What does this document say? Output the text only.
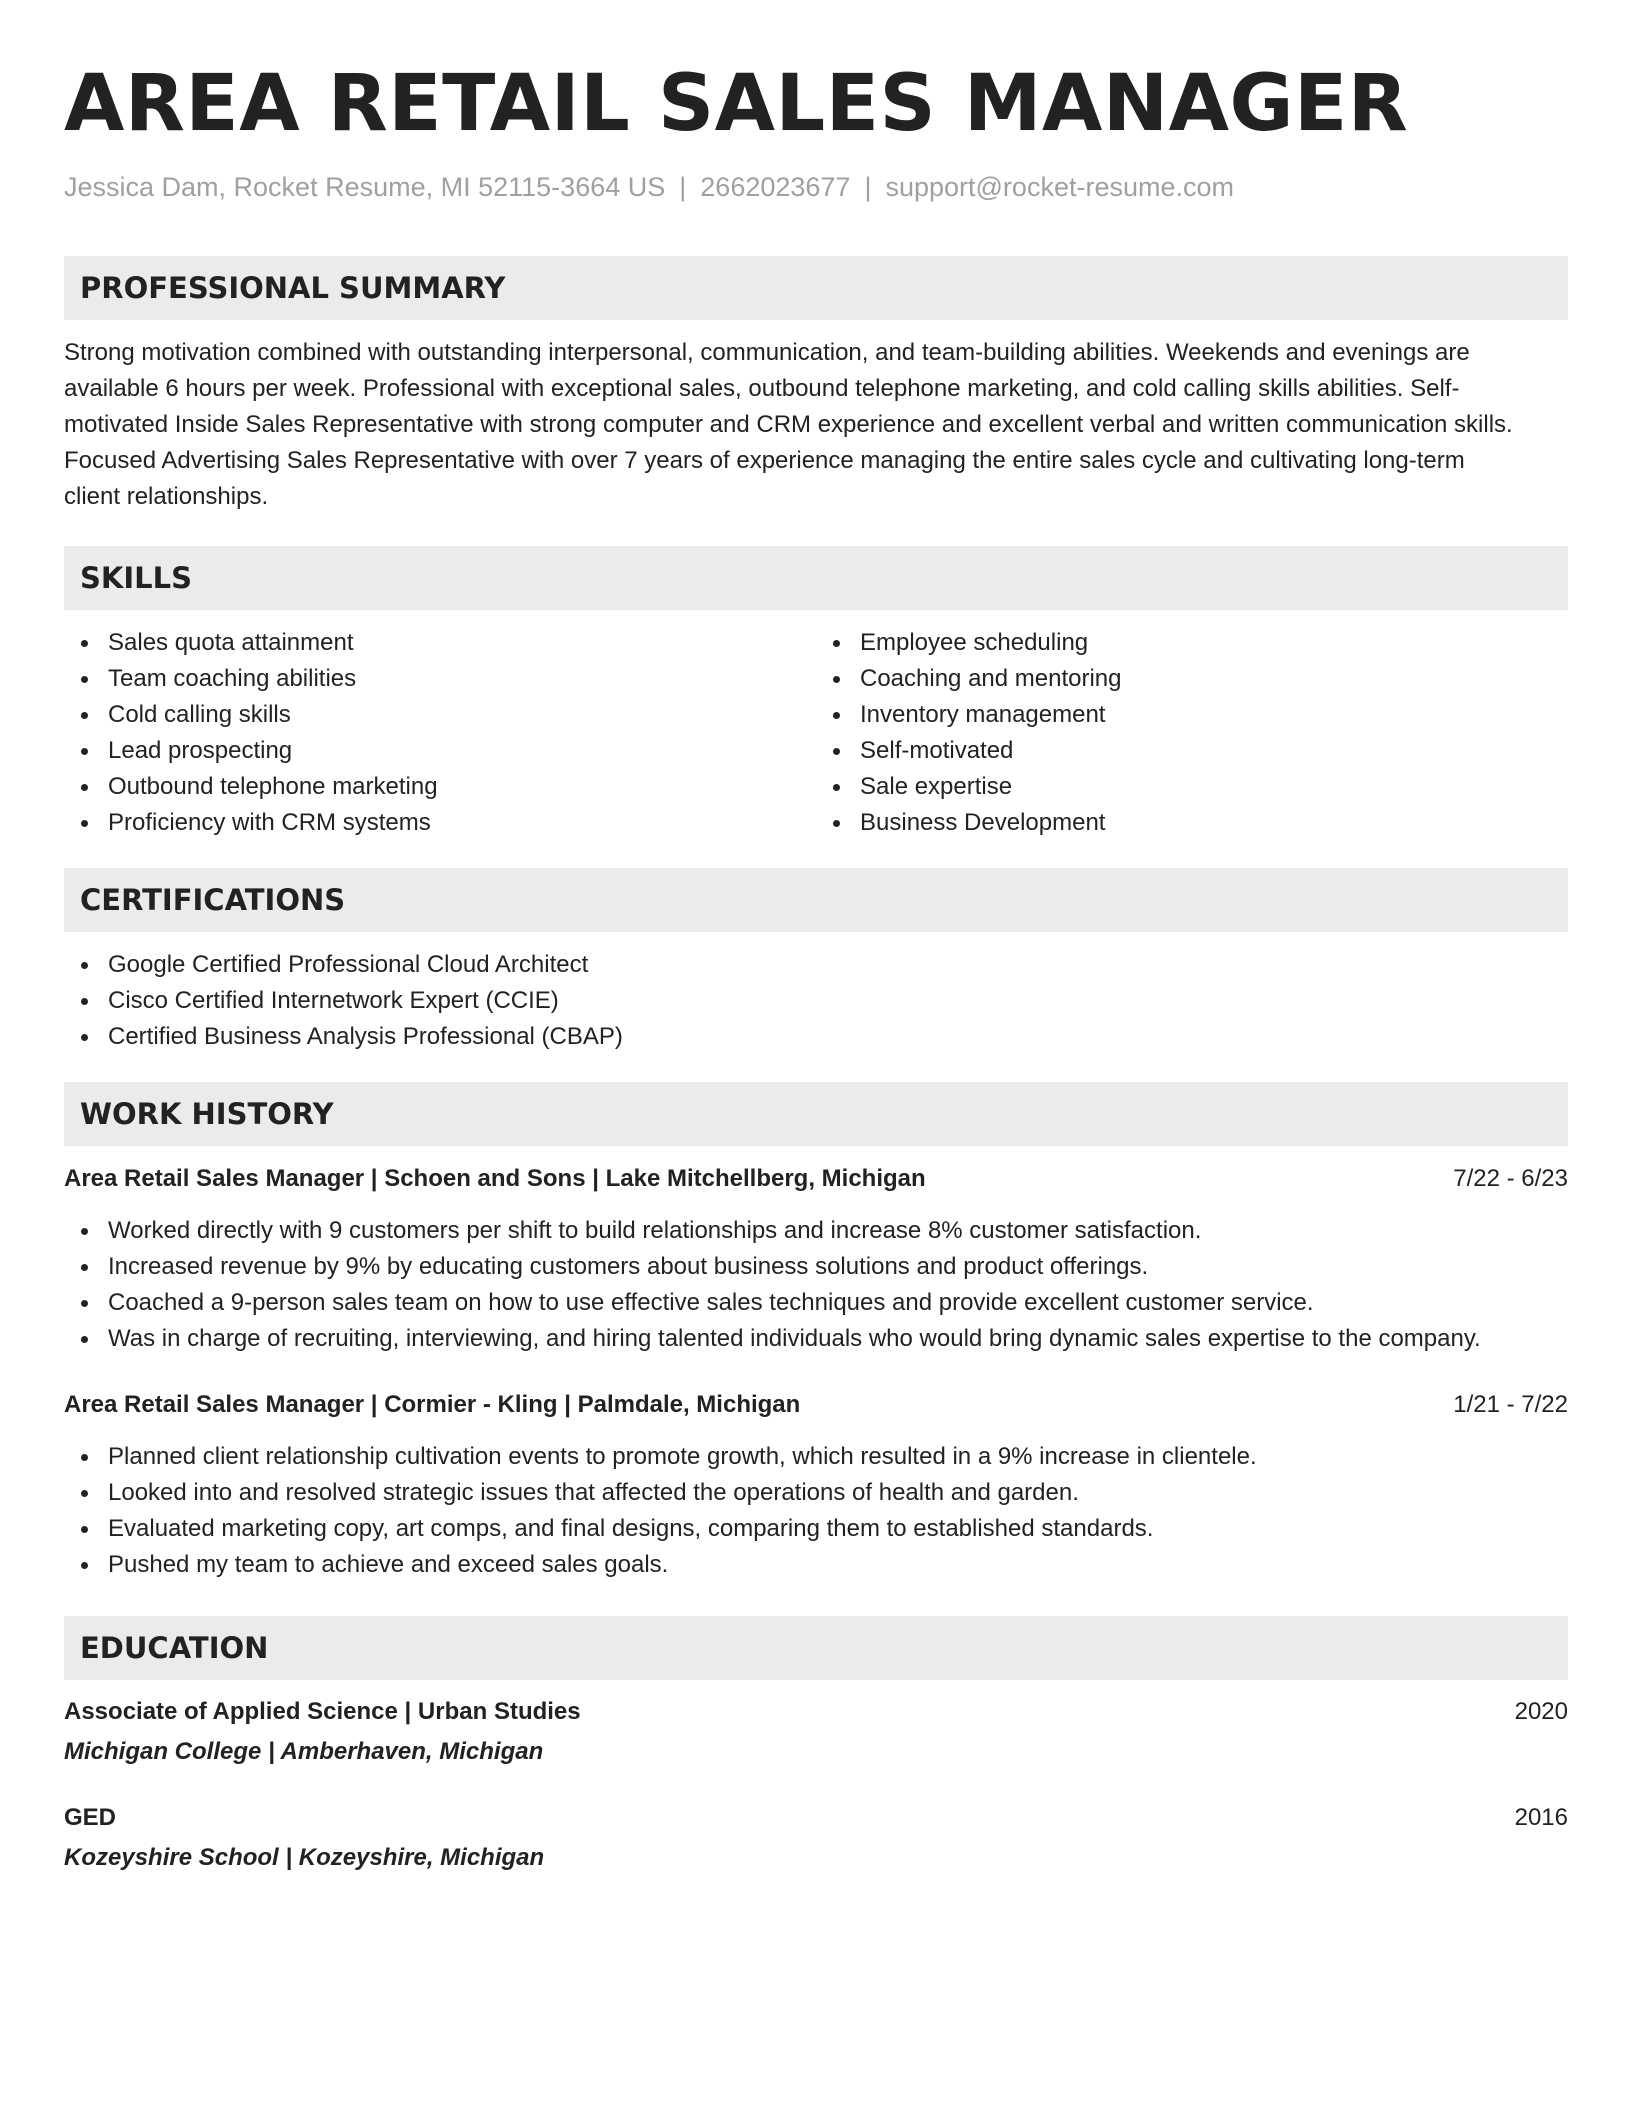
AREA RETAIL SALES MANAGER
Jessica Dam, Rocket Resume, MI 52115-3664 US | 2662023677 | support@rocket-resume.com
PROFESSIONAL SUMMARY
Strong motivation combined with outstanding interpersonal, communication, and team-building abilities. Weekends and evenings are
available 6 hours per week. Professional with exceptional sales, outbound telephone marketing, and cold calling skills abilities. Self-
motivated Inside Sales Representative with strong computer and CRM experience and excellent verbal and written communication skills.
Focused Advertising Sales Representative with over 7 years of experience managing the entire sales cycle and cultivating long-term
client relationships.
SKILLS
Sales quota attainment
Team coaching abilities
Cold calling skills
Lead prospecting
Outbound telephone marketing
Proficiency with CRM systems
Employee scheduling
Coaching and mentoring
Inventory management
Self-motivated
Sale expertise
Business Development
CERTIFICATIONS
Google Certified Professional Cloud Architect
Cisco Certified Internetwork Expert (CCIE)
Certified Business Analysis Professional (CBAP)
WORK HISTORY
Area Retail Sales Manager | Schoen and Sons | Lake Mitchellberg, Michigan	7/22 - 6/23
Worked directly with 9 customers per shift to build relationships and increase 8% customer satisfaction.
Increased revenue by 9% by educating customers about business solutions and product offerings.
Coached a 9-person sales team on how to use effective sales techniques and provide excellent customer service.
Was in charge of recruiting, interviewing, and hiring talented individuals who would bring dynamic sales expertise to the company.
Area Retail Sales Manager | Cormier - Kling | Palmdale, Michigan	1/21 - 7/22
Planned client relationship cultivation events to promote growth, which resulted in a 9% increase in clientele.
Looked into and resolved strategic issues that affected the operations of health and garden.
Evaluated marketing copy, art comps, and final designs, comparing them to established standards.
Pushed my team to achieve and exceed sales goals.
EDUCATION
Associate of Applied Science | Urban Studies	2020
Michigan College | Amberhaven, Michigan
GED	2016
Kozeyshire School | Kozeyshire, Michigan
